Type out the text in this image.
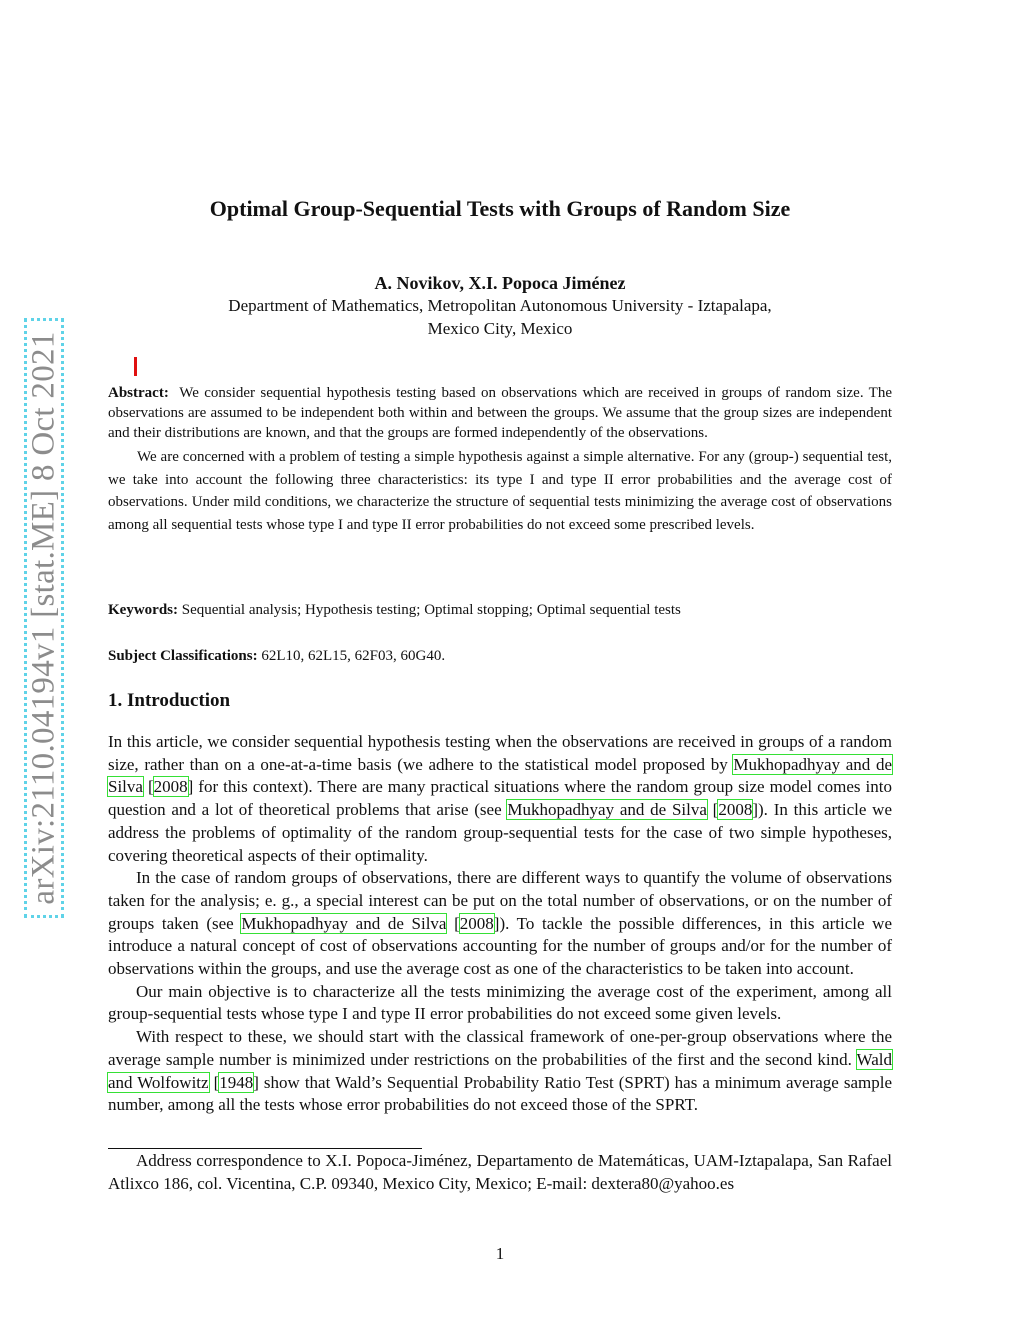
arXiv:2110.04194v1 [stat.ME] 8 Oct 2021
Optimal Group-Sequential Tests with Groups of Random Size
A. Novikov, X.I. Popoca Jiménez
Department of Mathematics, Metropolitan Autonomous University - Iztapalapa,
Mexico City, Mexico

Abstract: We consider sequential hypothesis testing based on observations which are received in groups of random size. The observations are assumed to be independent both within and between the groups. We assume that the group sizes are independent and their distributions are known, and that the groups are formed independently of the observations.

We are concerned with a problem of testing a simple hypothesis against a simple alternative. For any (group-) sequential test, we take into account the following three characteristics: its type I and type II error probabilities and the average cost of observations. Under mild conditions, we characterize the structure of sequential tests minimizing the average cost of observations among all sequential tests whose type I and type II error probabilities do not exceed some prescribed levels.

Keywords: Sequential analysis; Hypothesis testing; Optimal stopping; Optimal sequential tests
Subject Classifications: 62L10, 62L15, 62F03, 60G40.
1. Introduction

In this article, we consider sequential hypothesis testing when the observations are received in groups of a random size, rather than on a one-at-a-time basis (we adhere to the statistical model proposed by Mukhopadhyay and de Silva [2008] for this context). There are many practical situations where the random group size model comes into question and a lot of theoretical problems that arise (see Mukhopadhyay and de Silva [2008]). In this article we address the problems of optimality of the random group-sequential tests for the case of two simple hypotheses, covering theoretical aspects of their optimality.

In the case of random groups of observations, there are different ways to quantify the volume of observations taken for the analysis; e. g., a special interest can be put on the total number of observations, or on the number of groups taken (see Mukhopadhyay and de Silva [2008]). To tackle the possible differences, in this article we introduce a natural concept of cost of observations accounting for the number of groups and/or for the number of observations within the groups, and use the average cost as one of the characteristics to be taken into account.

Our main objective is to characterize all the tests minimizing the average cost of the experiment, among all group-sequential tests whose type I and type II error probabilities do not exceed some given levels.

With respect to these, we should start with the classical framework of one-per-group observations where the average sample number is minimized under restrictions on the probabilities of the first and the second kind. Wald and Wolfowitz [1948] show that Wald’s Sequential Probability Ratio Test (SPRT) has a minimum average sample number, among all the tests whose error probabilities do not exceed those of the SPRT.

Address correspondence to X.I. Popoca-Jiménez, Departamento de Matemáticas, UAM-Iztapalapa, San Rafael Atlixco 186, col. Vicentina, C.P. 09340, Mexico City, Mexico; E-mail: dextera80@yahoo.es
1
